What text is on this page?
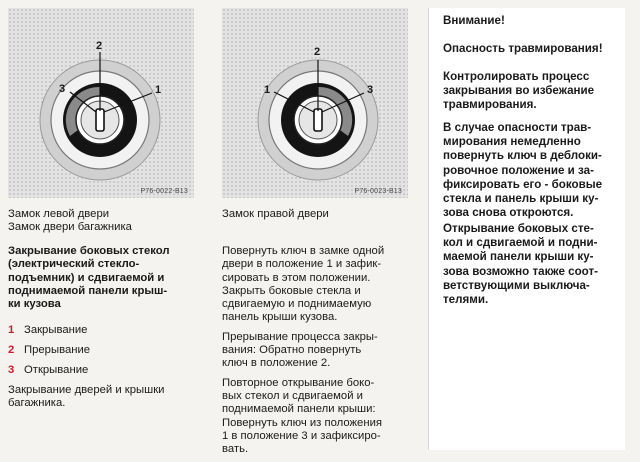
2
3	1
P76-0022-B13
2
1	3
P76-0023-B13
Замок левой двери
Замок двери багажника
Замок правой двери
Закрывание боковых стекол
(электрический стекло-
подъемник) и сдвигаемой и
поднимаемой панели крыш-
ки кузова
1 Закрывание
2 Прерывание
3 Открывание
Закрывание дверей и крышки
багажника.

Повернуть ключ в замке одной
двери в положение 1 и зафик-
сировать в этом положении.
Закрыть боковые стекла и
сдвигаемую и поднимаемую
панель крыши кузова.

Прерывание процесса закры-
вания: Обратно повернуть
ключ в положение 2.

Повторное открывание боко-
вых стекол и сдвигаемой и
поднимаемой панели крыши:
Повернуть ключ из положения
1 в положение 3 и зафиксиро-
вать.

Внимание!
Опасность травмирования!
Контролировать процесс
закрывания во избежание
травмирования.
В случае опасности трав-
мирования немедленно
повернуть ключ в деблоки-
ровочное положение и за-
фиксировать его - боковые
стекла и панель крыши ку-
зова снова откроются.
Открывание боковых сте-
кол и сдвигаемой и подни-
маемой панели крыши ку-
зова возможно также соот-
ветствующими выключа-
телями.
